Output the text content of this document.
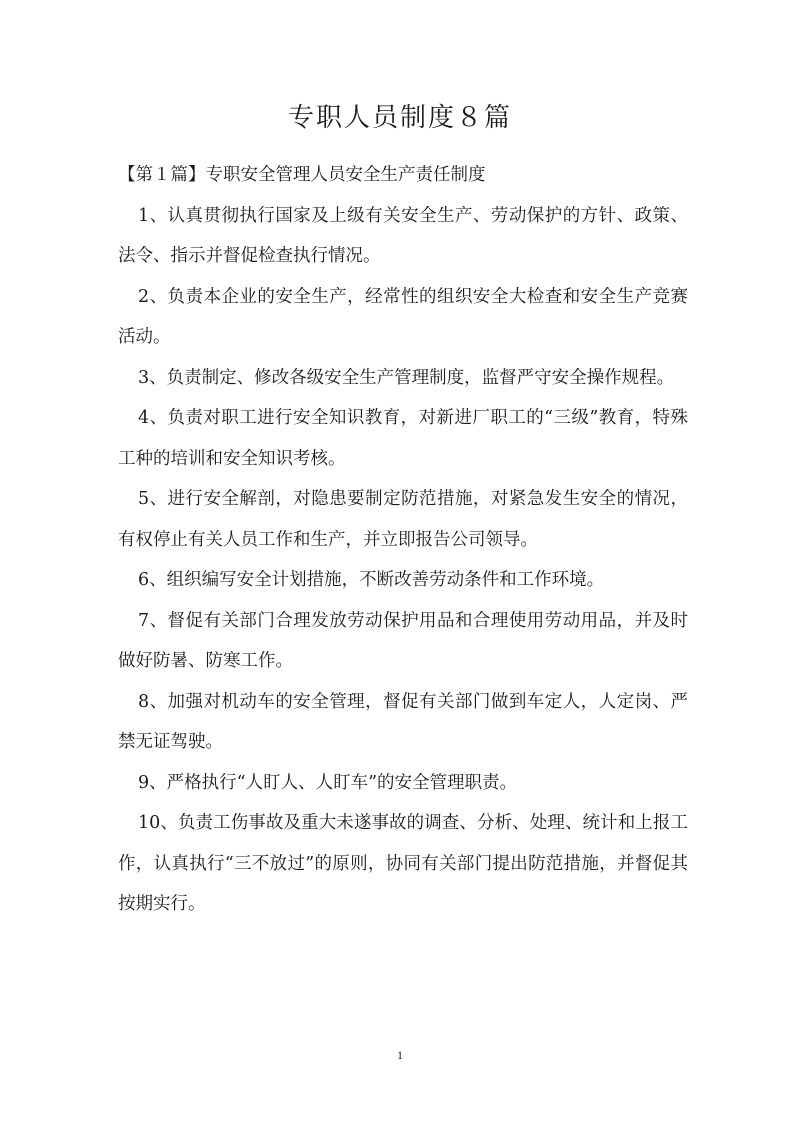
专职人员制度８篇

【第１篇】专职安全管理人员安全生产责任制度

1、认真贯彻执行国家及上级有关安全生产、劳动保护的方针、政策、法令、指示并督促检查执行情况。

2、负责本企业的安全生产，经常性的组织安全大检查和安全生产竞赛活动。

3、负责制定、修改各级安全生产管理制度，监督严守安全操作规程。

4、负责对职工进行安全知识教育，对新进厂职工的“三级”教育，特殊工种的培训和安全知识考核。

5、进行安全解剖，对隐患要制定防范措施，对紧急发生安全的情况，有权停止有关人员工作和生产，并立即报告公司领导。

6、组织编写安全计划措施，不断改善劳动条件和工作环境。

7、督促有关部门合理发放劳动保护用品和合理使用劳动用品，并及时做好防暑、防寒工作。

8、加强对机动车的安全管理，督促有关部门做到车定人，人定岗、严禁无证驾驶。

9、严格执行“人盯人、人盯车”的安全管理职责。

10、负责工伤事故及重大未遂事故的调查、分析、处理、统计和上报工作，认真执行“三不放过”的原则，协同有关部门提出防范措施，并督促其按期实行。

1
